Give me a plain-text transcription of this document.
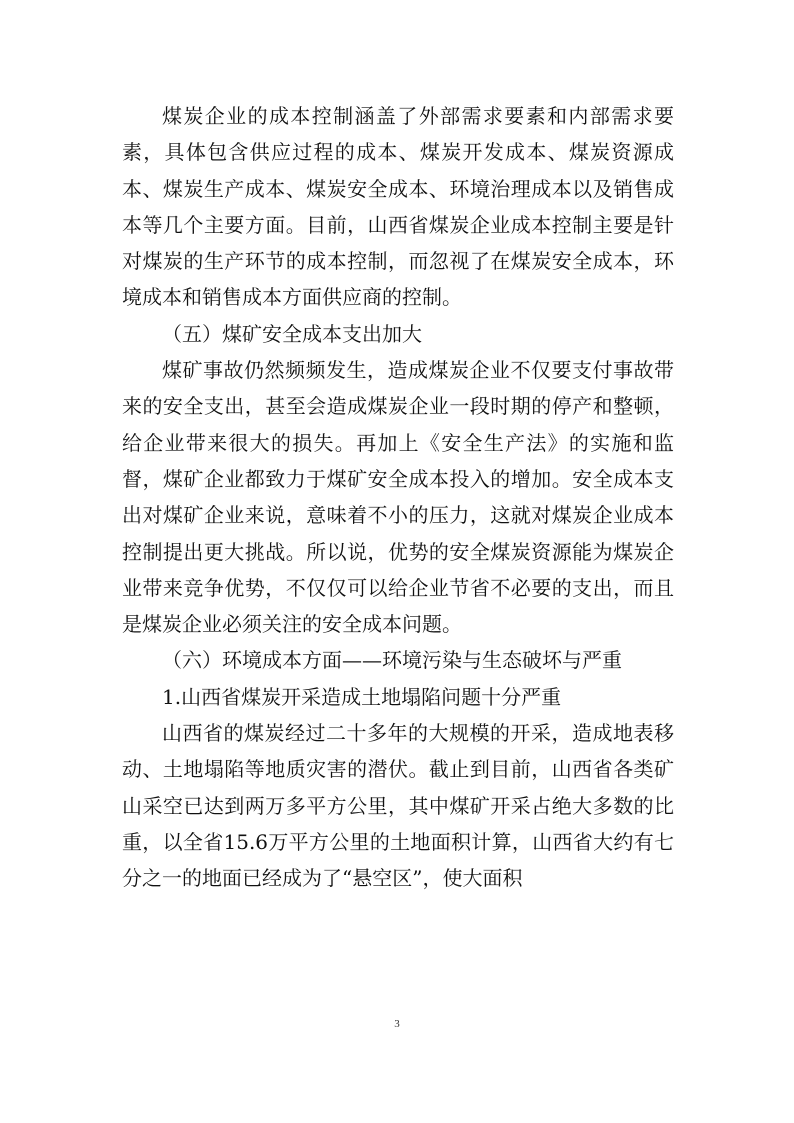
煤炭企业的成本控制涵盖了外部需求要素和内部需求要素，具体包含供应过程的成本、煤炭开发成本、煤炭资源成本、煤炭生产成本、煤炭安全成本、环境治理成本以及销售成本等几个主要方面。目前，山西省煤炭企业成本控制主要是针对煤炭的生产环节的成本控制，而忽视了在煤炭安全成本，环境成本和销售成本方面供应商的控制。

（五）煤矿安全成本支出加大

煤矿事故仍然频频发生，造成煤炭企业不仅要支付事故带来的安全支出，甚至会造成煤炭企业一段时期的停产和整顿，给企业带来很大的损失。再加上《安全生产法》的实施和监督，煤矿企业都致力于煤矿安全成本投入的增加。安全成本支出对煤矿企业来说，意味着不小的压力，这就对煤炭企业成本控制提出更大挑战。所以说，优势的安全煤炭资源能为煤炭企业带来竞争优势，不仅仅可以给企业节省不必要的支出，而且是煤炭企业必须关注的安全成本问题。

（六）环境成本方面——环境污染与生态破坏与严重

1.山西省煤炭开采造成土地塌陷问题十分严重

山西省的煤炭经过二十多年的大规模的开采，造成地表移动、土地塌陷等地质灾害的潜伏。截止到目前，山西省各类矿山采空已达到两万多平方公里，其中煤矿开采占绝大多数的比重，以全省15.6万平方公里的土地面积计算，山西省大约有七分之一的地面已经成为了“悬空区”，使大面积

3
